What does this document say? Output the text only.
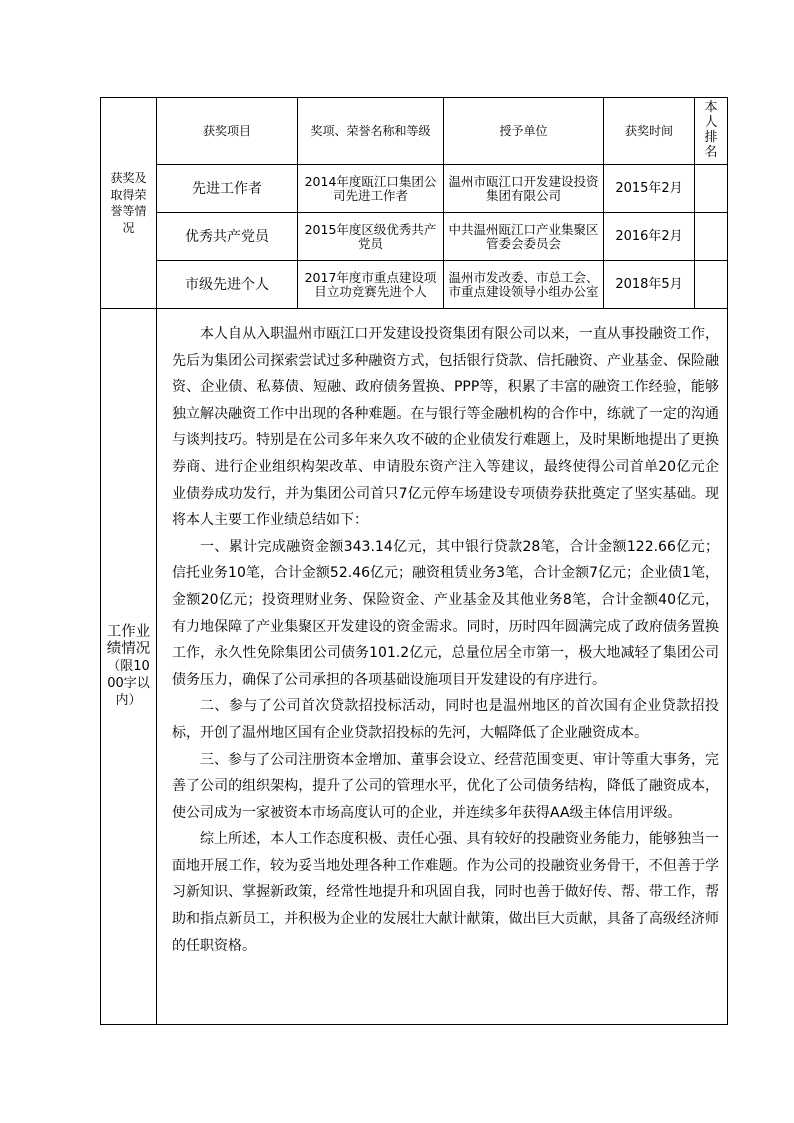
获奖及取得荣誉等情况	获奖项目	奖项、荣誉名称和等级	授予单位	获奖时间	本人排名
	先进工作者	2014年度瓯江口集团公司先进工作者	温州市瓯江口开发建设投资集团有限公司	2015年2月	
	优秀共产党员	2015年度区级优秀共产党员	中共温州瓯江口产业集聚区管委会委员会	2016年2月	
	市级先进个人	2017年度市重点建设项目立功竞赛先进个人	温州市发改委、市总工会、市重点建设领导小组办公室	2018年5月	
工作业绩情况（限1000字以内）	本人自从入职温州市瓯江口开发建设投资集团有限公司以来，一直从事投融资工作，先后为集团公司探索尝试过多种融资方式，包括银行贷款、信托融资、产业基金、保险融资、企业债、私募债、短融、政府债务置换、PPP等，积累了丰富的融资工作经验，能够独立解决融资工作中出现的各种难题。在与银行等金融机构的合作中，练就了一定的沟通与谈判技巧。特别是在公司多年来久攻不破的企业债发行难题上，及时果断地提出了更换券商、进行企业组织构架改革、申请股东资产注入等建议，最终使得公司首单20亿元企业债券成功发行，并为集团公司首只7亿元停车场建设专项债券获批奠定了坚实基础。现将本人主要工作业绩总结如下：

一、累计完成融资金额343.14亿元，其中银行贷款28笔，合计金额122.66亿元；信托业务10笔，合计金额52.46亿元；融资租赁业务3笔，合计金额7亿元；企业债1笔，金额20亿元；投资理财业务、保险资金、产业基金及其他业务8笔，合计金额40亿元，有力地保障了产业集聚区开发建设的资金需求。同时，历时四年圆满完成了政府债务置换工作，永久性免除集团公司债务101.2亿元，总量位居全市第一，极大地减轻了集团公司债务压力，确保了公司承担的各项基础设施项目开发建设的有序进行。

二、参与了公司首次贷款招投标活动，同时也是温州地区的首次国有企业贷款招投标，开创了温州地区国有企业贷款招投标的先河，大幅降低了企业融资成本。

三、参与了公司注册资本金增加、董事会设立、经营范围变更、审计等重大事务，完善了公司的组织架构，提升了公司的管理水平，优化了公司债务结构，降低了融资成本，使公司成为一家被资本市场高度认可的企业，并连续多年获得AA级主体信用评级。

综上所述，本人工作态度积极、责任心强、具有较好的投融资业务能力，能够独当一面地开展工作，较为妥当地处理各种工作难题。作为公司的投融资业务骨干，不但善于学习新知识、掌握新政策，经常性地提升和巩固自我，同时也善于做好传、帮、带工作，帮助和指点新员工，并积极为企业的发展壮大献计献策，做出巨大贡献，具备了高级经济师的任职资格。				
